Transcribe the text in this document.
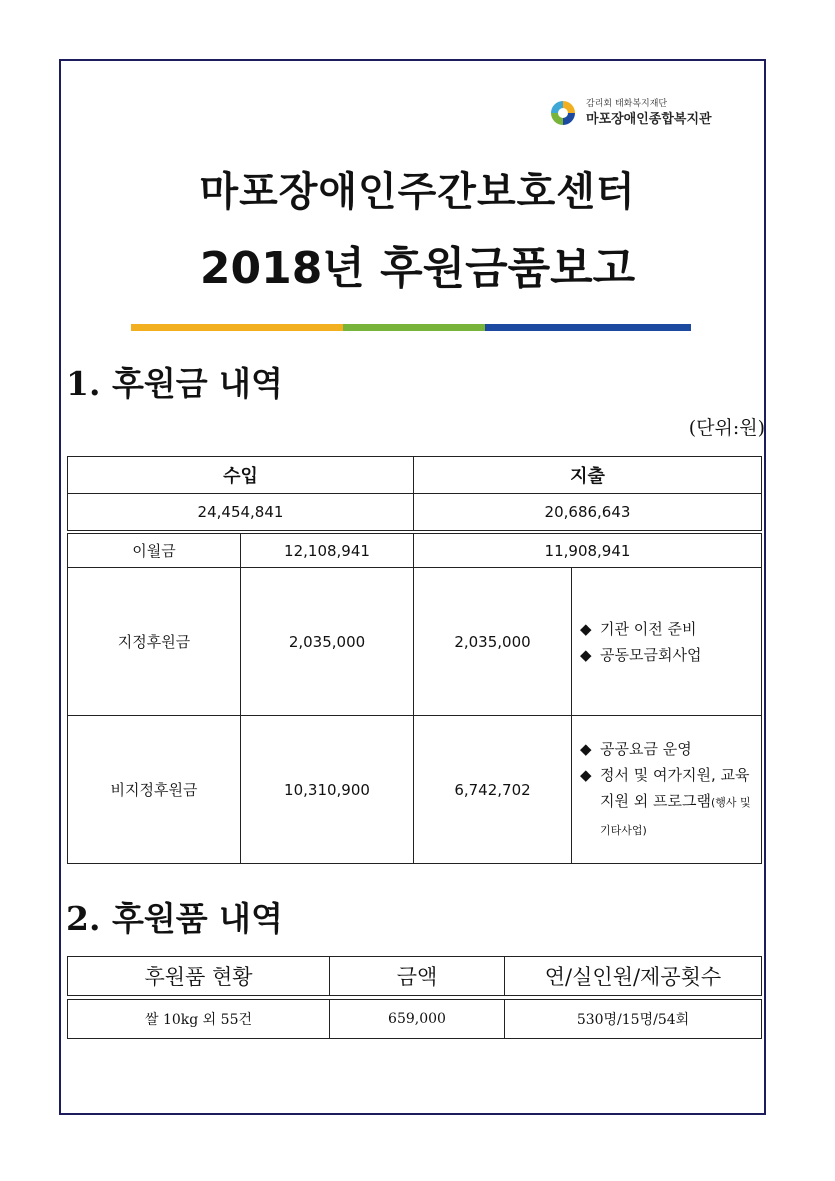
감리회 태화복지재단
마포장애인종합복지관
마포장애인주간보호센터
2018년 후원금품보고
1. 후원금 내역
(단위:원)
수입		지출	
24,454,841		20,686,643	

이월금	12,108,941	11,908,941	
지정후원금	2,035,000	2,035,000	◆ 기관 이전 준비
◆ 공동모금회사업

비지정후원금	10,310,900	6,742,702	◆ 공공요금 운영
◆ 정서 및 여가지원, 교육지원 외 프로그램(행사 및 기타사업)
2. 후원품 내역
후원품 현황	금액	연/실인원/제공횟수

쌀 10kg 외 55건	659,000	530명/15명/54회
